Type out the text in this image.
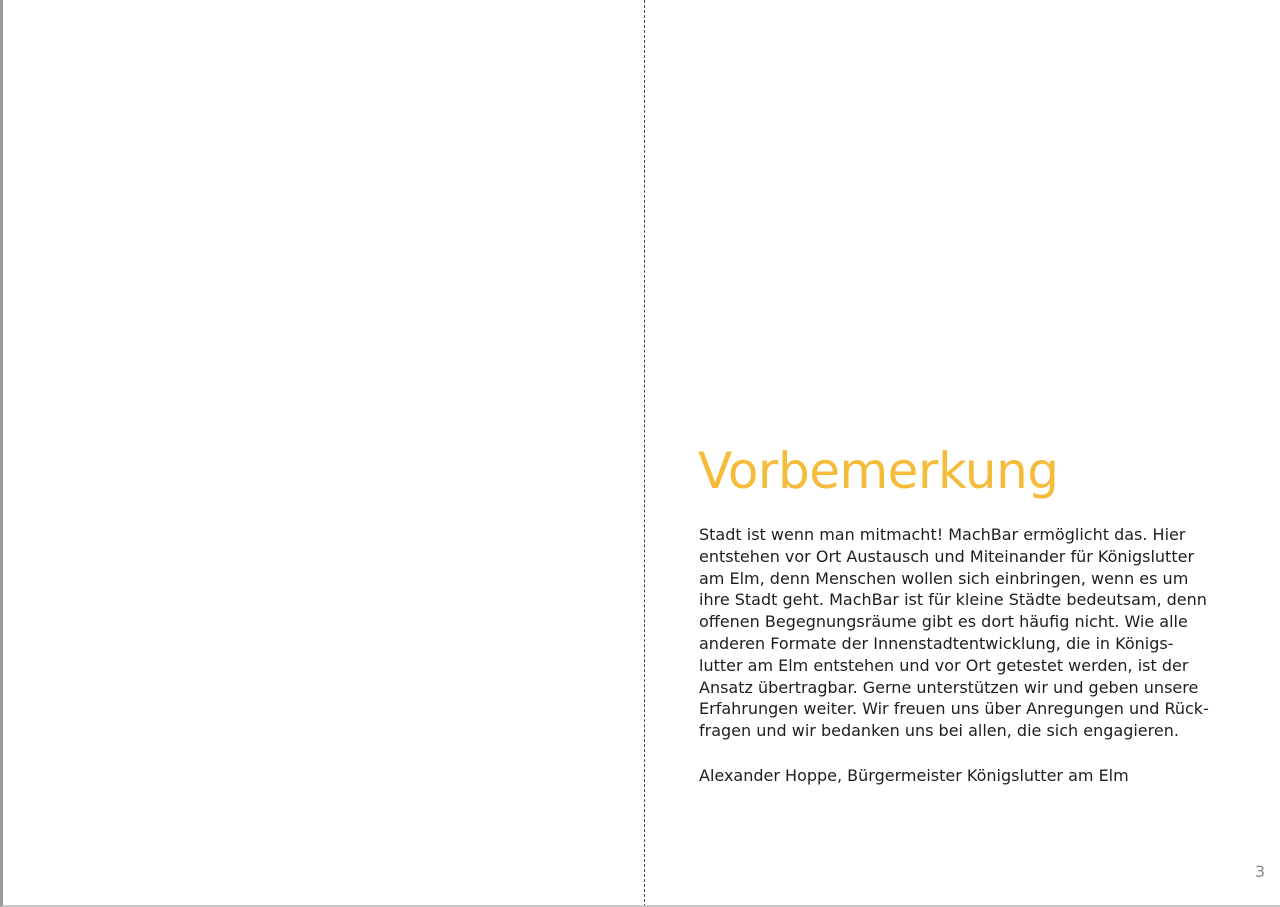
Vorbemerkung

Stadt ist wenn man mitmacht! MachBar ermöglicht das. Hier
entstehen vor Ort Austausch und Miteinander für Königslutter
am Elm, denn Menschen wollen sich einbringen, wenn es um
ihre Stadt geht. MachBar ist für kleine Städte bedeutsam, denn
offenen Begegnungsräume gibt es dort häufig nicht. Wie alle
anderen Formate der Innenstadtentwicklung, die in Königs-
lutter am Elm entstehen und vor Ort getestet werden, ist der
Ansatz übertragbar. Gerne unterstützen wir und geben unsere
Erfahrungen weiter. Wir freuen uns über Anregungen und Rück-
fragen und wir bedanken uns bei allen, die sich engagieren.

Alexander Hoppe, Bürgermeister Königslutter am Elm

3
